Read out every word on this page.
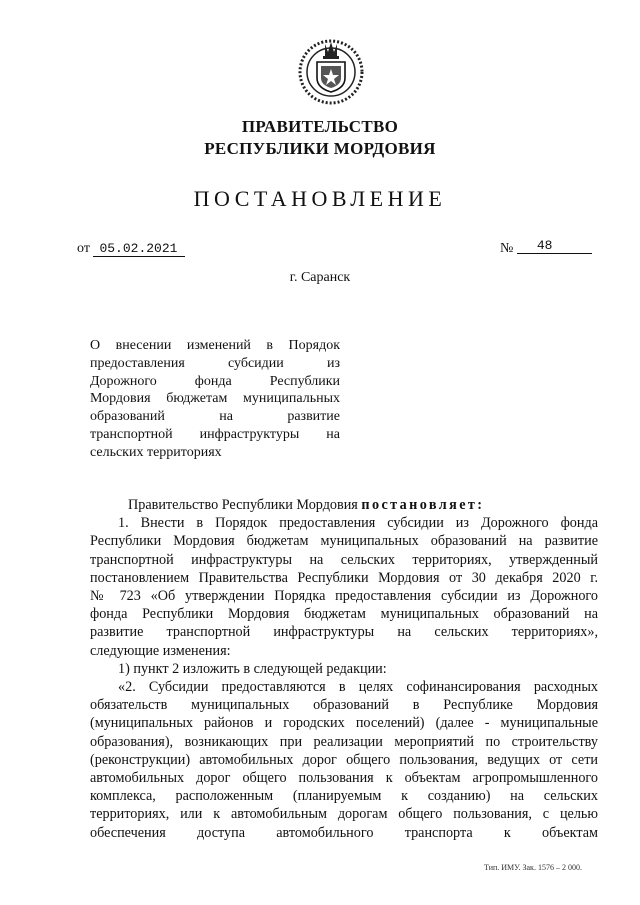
ПРАВИТЕЛЬСТВО
РЕСПУБЛИКИ МОРДОВИЯ
ПОСТАНОВЛЕНИЕ
от 05.02.2021	№ 48
г. Саранск
О внесении изменений в Порядок
предоставления субсидии из
Дорожного фонда Республики
Мордовия бюджетам муниципальных
образований на развитие
транспортной инфраструктуры на
сельских территориях
Правительство Республики Мордовия постановляет:
1. Внести в Порядок предоставления субсидии из Дорожного фонда
Республики Мордовия бюджетам муниципальных образований на развитие
транспортной инфраструктуры на сельских территориях, утвержденный
постановлением Правительства Республики Мордовия от 30 декабря 2020 г.
№ 723 «Об утверждении Порядка предоставления субсидии из Дорожного
фонда Республики Мордовия бюджетам муниципальных образований на
развитие транспортной инфраструктуры на сельских территориях»,
следующие изменения:
1) пункт 2 изложить в следующей редакции:
«2. Субсидии предоставляются в целях софинансирования расходных
обязательств муниципальных образований в Республике Мордовия
(муниципальных районов и городских поселений) (далее - муниципальные
образования), возникающих при реализации мероприятий по строительству
(реконструкции) автомобильных дорог общего пользования, ведущих от сети
автомобильных дорог общего пользования к объектам агропромышленного
комплекса, расположенным (планируемым к созданию) на сельских
территориях, или к автомобильным дорогам общего пользования, с целью
обеспечения доступа автомобильного транспорта к объектам
Тип. ИМУ. Зак. 1576 – 2 000.
